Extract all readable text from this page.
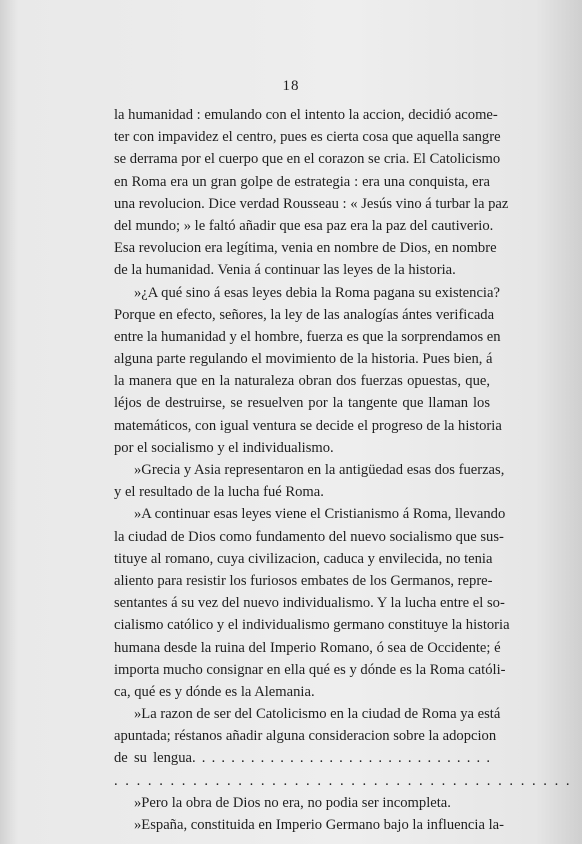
18
la humanidad : emulando con el intento la accion, decidió acome-
ter con impavidez el centro, pues es cierta cosa que aquella sangre
se derrama por el cuerpo que en el corazon se cria. El Catolicismo
en Roma era un gran golpe de estrategia : era una conquista, era
una revolucion. Dice verdad Rousseau : « Jesús vino á turbar la paz
del mundo; » le faltó añadir que esa paz era la paz del cautiverio.
Esa revolucion era legítima, venia en nombre de Dios, en nombre
de la humanidad. Venia á continuar las leyes de la historia.
»¿A qué sino á esas leyes debia la Roma pagana su existencia?
Porque en efecto, señores, la ley de las analogías ántes verificada
entre la humanidad y el hombre, fuerza es que la sorprendamos en
alguna parte regulando el movimiento de la historia. Pues bien, á
la manera que en la naturaleza obran dos fuerzas opuestas, que,
léjos de destruirse, se resuelven por la tangente que llaman los
matemáticos, con igual ventura se decide el progreso de la historia
por el socialismo y el individualismo.
»Grecia y Asia representaron en la antigüedad esas dos fuerzas,
y el resultado de la lucha fué Roma.
»A continuar esas leyes viene el Cristianismo á Roma, llevando
la ciudad de Dios como fundamento del nuevo socialismo que sus-
tituye al romano, cuya civilizacion, caduca y envilecida, no tenia
aliento para resistir los furiosos embates de los Germanos, repre-
sentantes á su vez del nuevo individualismo. Y la lucha entre el so-
cialismo católico y el individualismo germano constituye la historia
humana desde la ruina del Imperio Romano, ó sea de Occidente; é
importa mucho consignar en ella qué es y dónde es la Roma católi-
ca, qué es y dónde es la Alemania.
»La razon de ser del Catolicismo en la ciudad de Roma ya está
apuntada; réstanos añadir alguna consideracion sobre la adopcion
de su lengua. . . . . . . . . . . . . . . . . . . . . . . . . . . . . . .
. . . . . . . . . . . . . . . . . . . . . . . . . . . . . . . . . . . . . . . . .
»Pero la obra de Dios no era, no podia ser incompleta.
»España, constituida en Imperio Germano bajo la influencia la-
